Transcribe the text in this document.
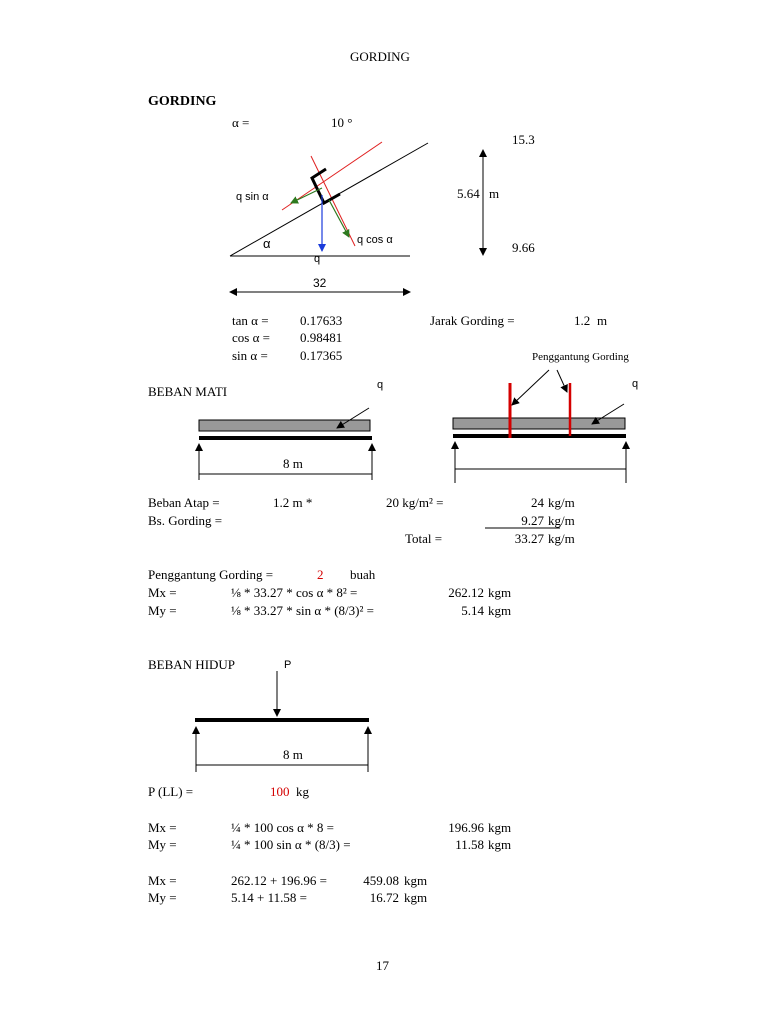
GORDING
GORDING
α =	10 °
q sin α
q cos α
q
α
32
5.64 m
15.3
9.66
tan α = 0.17633
cos α = 0.98481
sin α = 0.17365
Jarak Gording =	1.2 m
BEBAN MATI	q	q
Penggantung Gording
8 m
Beban Atap =	1.2 m *	20 kg/m² =	24 kg/m
Bs. Gording =	9.27 kg/m
Total =	33.27 kg/m
Penggantung Gording =	2 buah
Mx =	⅛ * 33.27 * cos α * 8² =	262.12 kgm
My =	⅛ * 33.27 * sin α * (8/3)² =	5.14 kgm
BEBAN HIDUP	P
8 m
P (LL) =	100 kg
Mx =	¼ * 100 cos α * 8 =	196.96 kgm
My =	¼ * 100 sin α * (8/3) =	11.58 kgm
Mx =	262.12 + 196.96 =	459.08 kgm
My =	5.14 + 11.58 =	16.72 kgm
17
